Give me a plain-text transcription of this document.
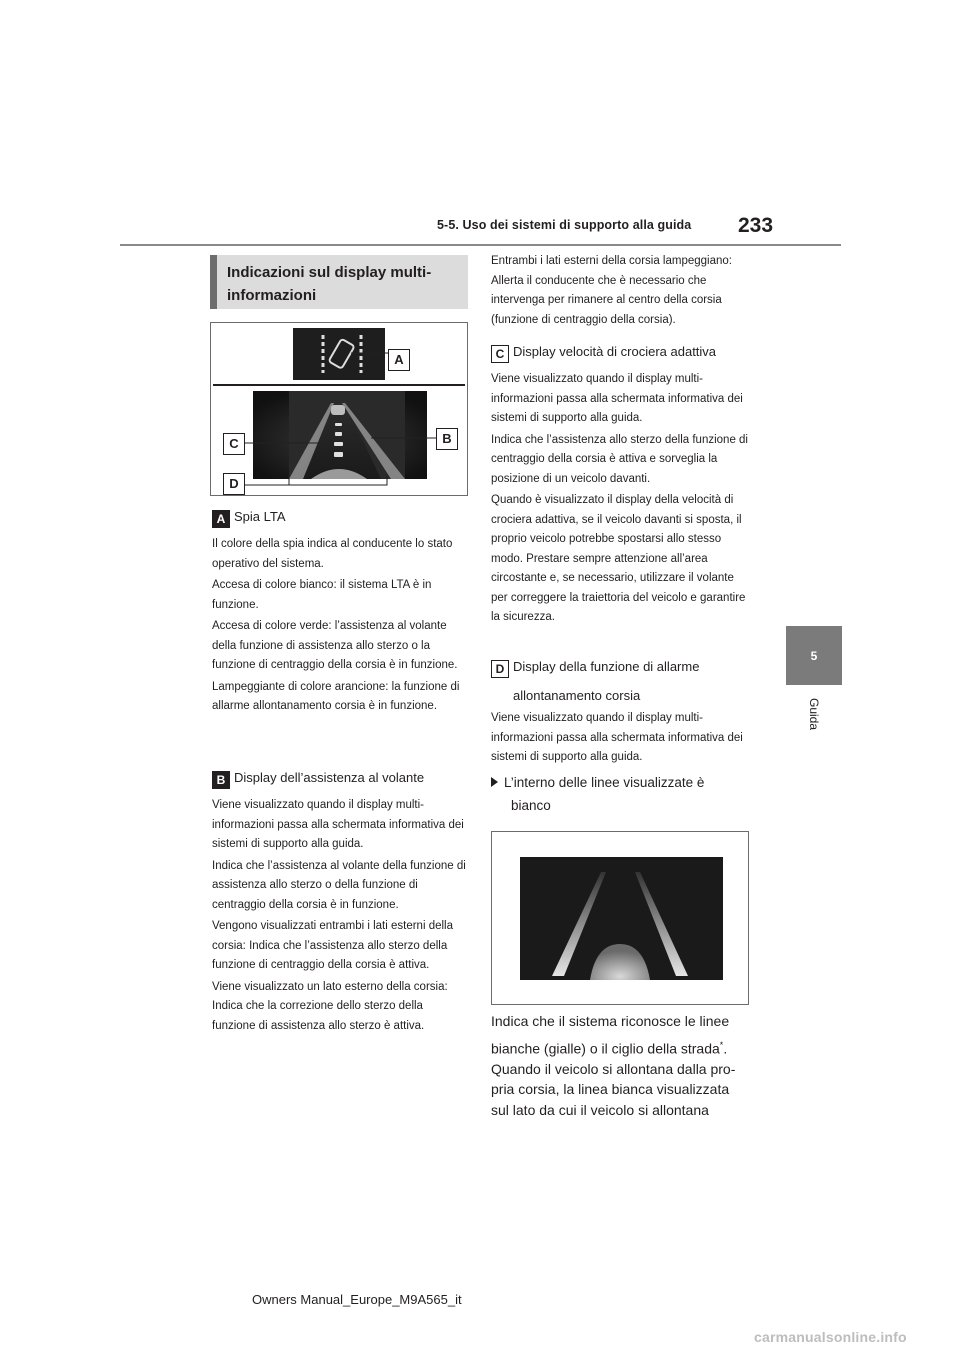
5-5. Uso dei sistemi di supporto alla guida 233
5
Guida
Indicazioni sul display multi-informazioni
A
B
C
D
A Spia LTA
Il colore della spia indica al conducente lo stato operativo del sistema.
Accesa di colore bianco: il sistema LTA è in funzione.
Accesa di colore verde: l’assistenza al volante della funzione di assistenza allo sterzo o la funzione di centraggio della corsia è in funzione.
Lampeggiante di colore arancione: la funzione di allarme allontanamento corsia è in funzione.
B Display dell’assistenza al volante
Viene visualizzato quando il display multi-informazioni passa alla schermata informativa dei sistemi di supporto alla guida.
Indica che l’assistenza al volante della funzione di assistenza allo sterzo o della funzione di centraggio della corsia è in funzione.
Vengono visualizzati entrambi i lati esterni della corsia: Indica che l’assistenza allo sterzo della funzione di centraggio della corsia è attiva.
Viene visualizzato un lato esterno della corsia: Indica che la correzione dello sterzo della funzione di assistenza allo sterzo è attiva.
Entrambi i lati esterni della corsia lampeggiano: Allerta il conducente che è necessario che intervenga per rimanere al centro della corsia (funzione di centraggio della corsia).
C Display velocità di crociera adattiva
Viene visualizzato quando il display multi-informazioni passa alla schermata informativa dei sistemi di supporto alla guida.
Indica che l’assistenza allo sterzo della funzione di centraggio della corsia è attiva e sorveglia la posizione di un veicolo davanti.
Quando è visualizzato il display della velocità di crociera adattiva, se il veicolo davanti si sposta, il proprio veicolo potrebbe spostarsi allo stesso modo. Prestare sempre attenzione all’area circostante e, se necessario, utilizzare il volante per correggere la traiettoria del veicolo e garantire la sicurezza.
D Display della funzione di allarme
allontanamento corsia
Viene visualizzato quando il display multi-informazioni passa alla schermata informativa dei sistemi di supporto alla guida.
L’interno delle linee visualizzate è
bianco
Indica che il sistema riconosce le linee
bianche (gialle) o il ciglio della strada*.
Quando il veicolo si allontana dalla pro-
pria corsia, la linea bianca visualizzata
sul lato da cui il veicolo si allontana
Owners Manual_Europe_M9A565_it
carmanualsonline.info
